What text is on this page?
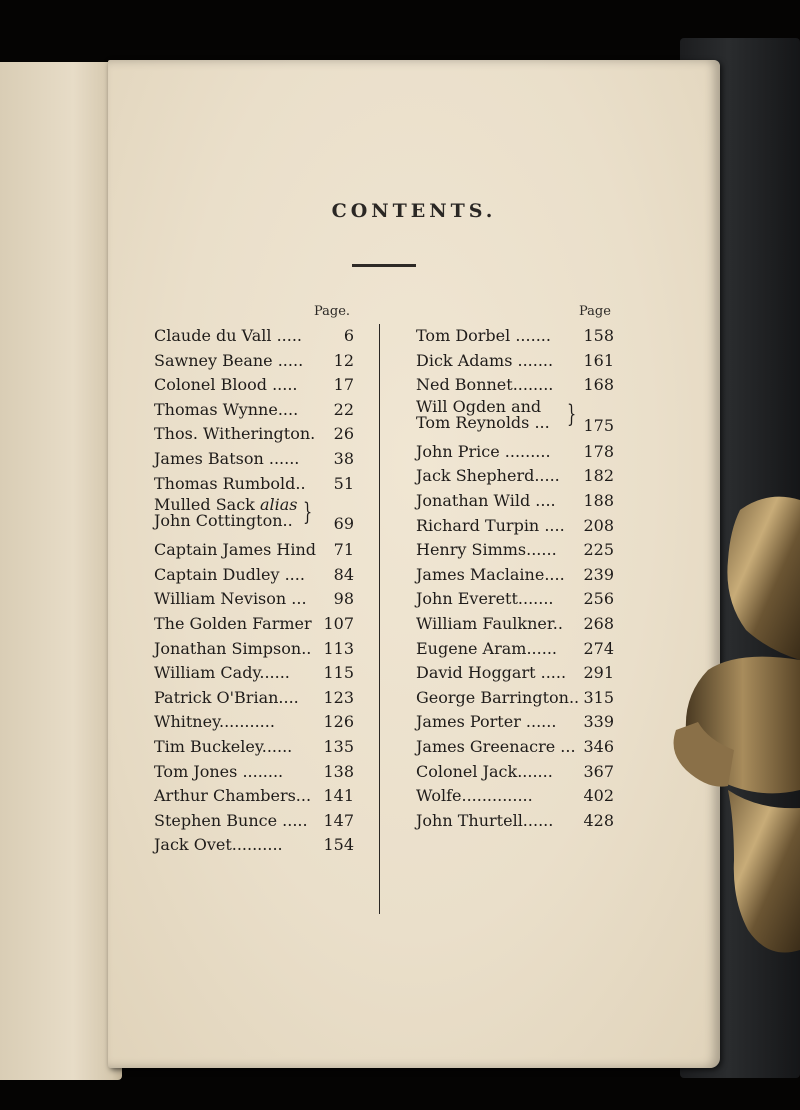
CONTENTS.
Page.	Page
Claude du Vall .....	6
Sawney Beane ..... 12
Colonel Blood ..... 17
Thomas Wynne.... 22
Thos. Witherington. 26
James Batson ...... 38
Thomas Rumbold.. 51
Mulled Sack alias
John Cottington.. } 69
Captain James Hind 71
Captain Dudley .... 84
William Nevison ... 98
The Golden Farmer 107
Jonathan Simpson.. 113
William Cady...... 115
Patrick O'Brian.... 123
Whitney...........	126
Tim Buckeley...... 135
Tom Jones ........	138
Arthur Chambers... 141
Stephen Bunce ..... 147
Jack Ovet..........	154
Tom Dorbel ....... 158
Dick Adams ....... 161
Ned Bonnet........ 168
Will Ogden and
Tom Reynolds ... } 175
John Price ......... 178
Jack Shepherd..... 182
Jonathan Wild .... 188
Richard Turpin .... 208
Henry Simms...... 225
James Maclaine.... 239
John Everett....... 256
William Faulkner.. 268
Eugene Aram...... 274
David Hoggart ..... 291
George Barrington.. 315
James Porter ...... 339
James Greenacre ... 346
Colonel Jack....... 367
Wolfe..............	402
John Thurtell...... 428
